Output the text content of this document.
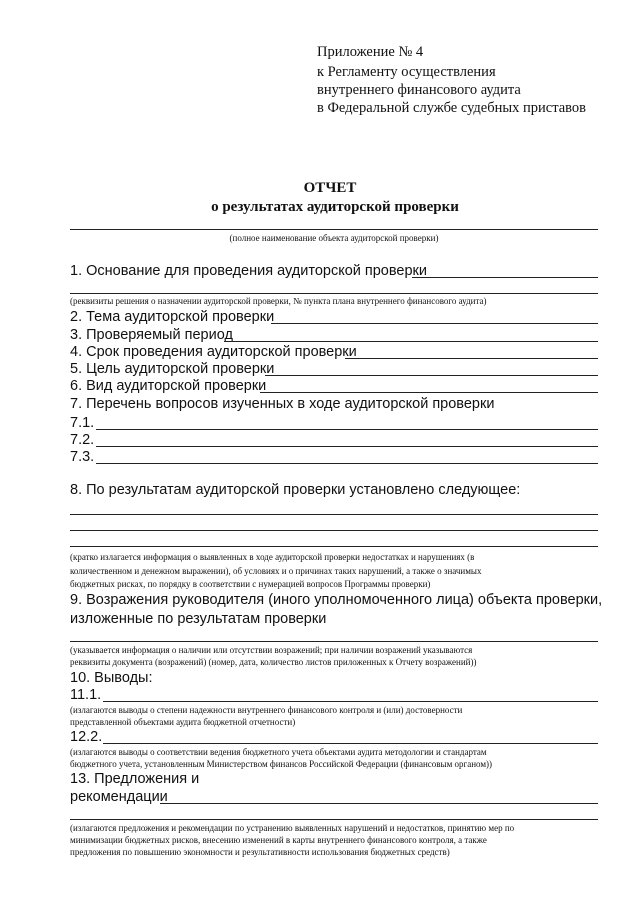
Приложение № 4
к Регламенту осуществления
внутреннего финансового аудита
в Федеральной службе судебных приставов
ОТЧЕТ
о результатах аудиторской проверки
(полное наименование объекта аудиторской проверки)
1. Основание для проведения аудиторской проверки
(реквизиты решения о назначении аудиторской проверки, № пункта плана внутреннего финансового аудита)
2. Тема аудиторской проверки
3. Проверяемый период
4. Срок проведения аудиторской проверки
5. Цель аудиторской проверки
6. Вид аудиторской проверки
7. Перечень вопросов изученных в ходе аудиторской проверки
7.1.
7.2.
7.3.
8. По результатам аудиторской проверки установлено следующее:
(кратко излагается информация о выявленных в ходе аудиторской проверки недостатках и нарушениях (в
количественном и денежном выражении), об условиях и о причинах таких нарушений, а также о значимых
бюджетных рисках, по порядку в соответствии с нумерацией вопросов Программы проверки)
9. Возражения руководителя (иного уполномоченного лица) объекта проверки,
изложенные по результатам проверки
(указывается информация о наличии или отсутствии возражений; при наличии возражений указываются
реквизиты документа (возражений) (номер, дата, количество листов приложенных к Отчету возражений))
10. Выводы:
11.1.
(излагаются выводы о степени надежности внутреннего финансового контроля и (или) достоверности
представленной объектами аудита бюджетной отчетности)
12.2.
(излагаются выводы о соответствии ведения бюджетного учета объектами аудита методологии и стандартам
бюджетного учета, установленным Министерством финансов Российской Федерации (финансовым органом))
13. Предложения и
рекомендации
(излагаются предложения и рекомендации по устранению выявленных нарушений и недостатков, принятию мер по
минимизации бюджетных рисков, внесению изменений в карты внутреннего финансового контроля, а также
предложения по повышению экономности и результативности использования бюджетных средств)
